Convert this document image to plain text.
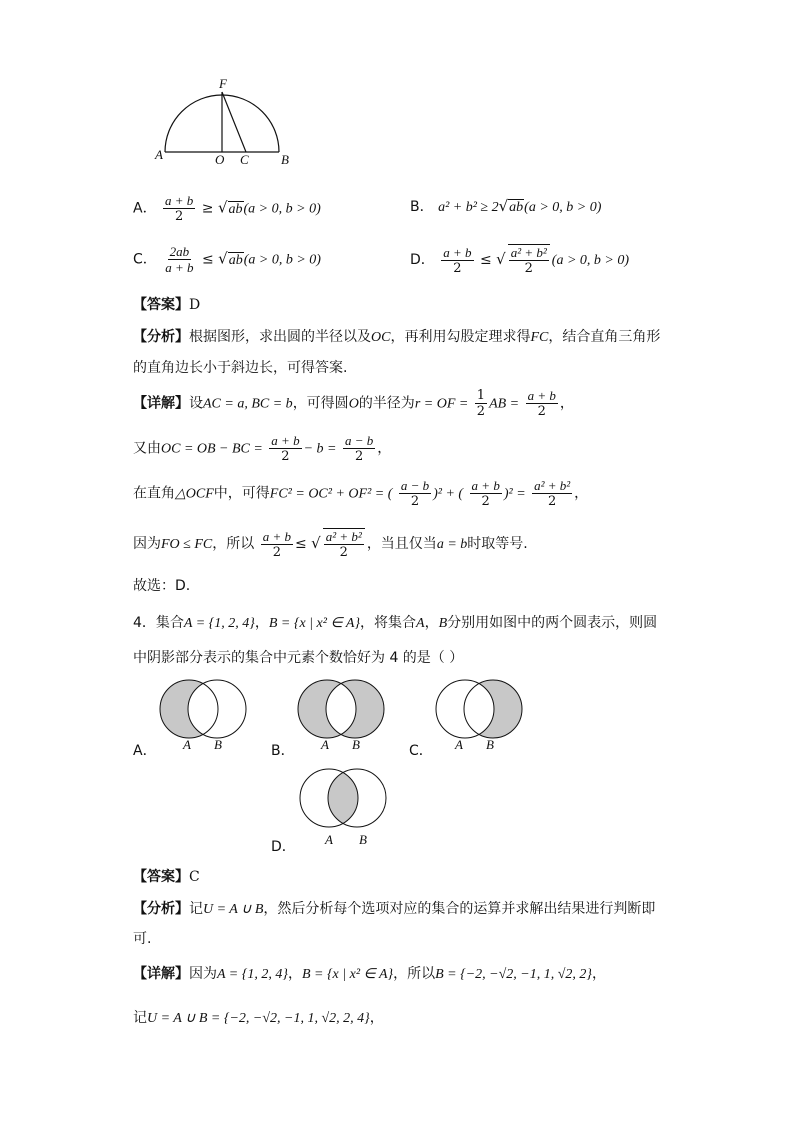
F
A	O C B
A． $\frac{a + b}{2} \ge √ab(a > 0$, b > 0)	B． a² + b² ≥ 2√ab(a > 0, b > 0)
C． $\frac{2ab}{a + b} \le √ab(a > 0$, b > 0)	D． $\frac{a + b}{2}$ ≤ √ $\frac{\text{a² + b²}}{2} (a > 0$, b > 0)
【答案】D
【分析】根据图形，求出圆的半径以及OC，再利用勾股定理求得FC，结合直角三角形
的直角边长小于斜边长，可得答案.
【详解】设AC = a, BC = b，可得圆O的半径为r = OF = $\frac{1}{2}$ AB = $\frac{a + b}{2}$ ，
又由OC = OB − BC = $\frac{a + b}{2} - b = \frac{a - b}{2}$ ，
在直角△OCF中，可得FC² = OC² + OF² = ( $\frac{a - b}{2} )^2$ + ( $\frac{a + b}{2} )^2 = \frac{\text{a² + b²}}{2}$ ，
因为FO ≤ FC，所以 $\frac{a + b}{2}$ ≤ √ $\frac{\text{a² + b²}}{2}$ ，当且仅当a = b时取等号.
故选：D.
4．集合A = {1, 2, 4}，B = {x | x² ∈ A}，将集合A，B分别用如图中的两个圆表示，则圆
中阴影部分表示的集合中元素个数恰好为 4 的是（ ）
A． A B	B． A B	C． A B
D． A B
【答案】C
【分析】记U = A ∪ B，然后分析每个选项对应的集合的运算并求解出结果进行判断即
可.
【详解】因为A = {1, 2, 4}，B = {x | x² ∈ A}，所以B = {−2, −√2, −1, 1, √2, 2}，
记U = A ∪ B = {−2, −√2, −1, 1, √2, 2, 4}，
